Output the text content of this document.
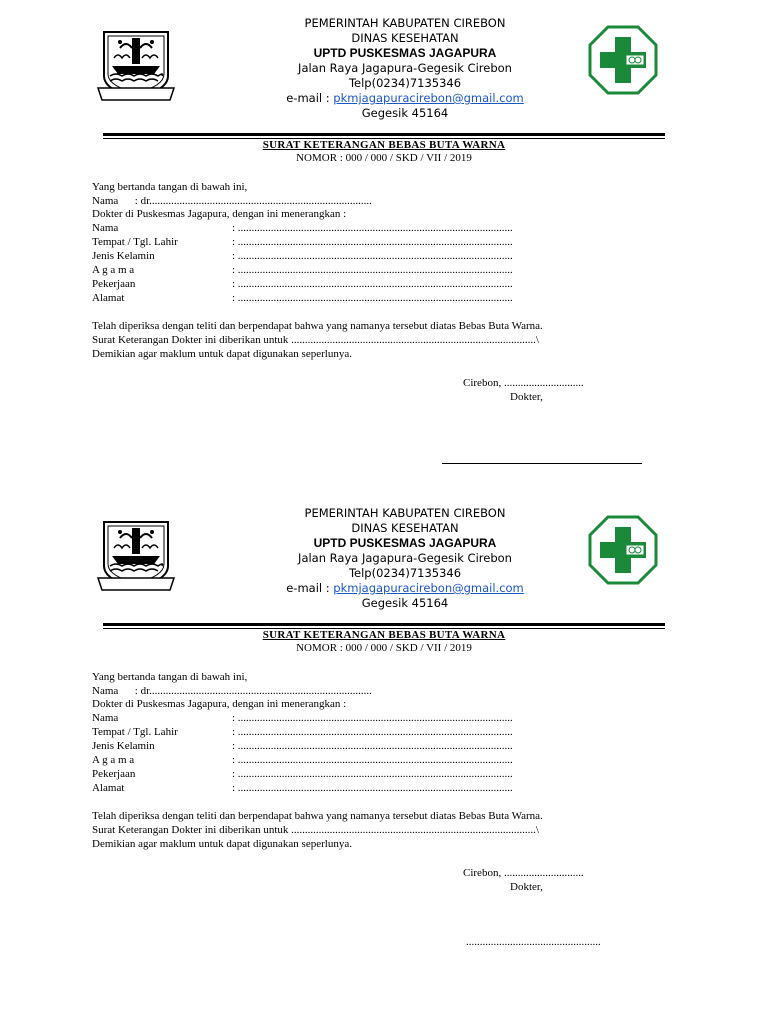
PEMERINTAH KABUPATEN CIREBON
DINAS KESEHATAN
UPTD PUSKESMAS JAGAPURA
Jalan Raya Jagapura-Gegesik Cirebon
Telp(0234)7135346
e-mail : pkmjagapuracirebon@gmail.com
Gegesik 45164
SURAT KETERANGAN BEBAS BUTA WARNA
NOMOR : 000 / 000 / SKD / VII / 2019
Yang bertanda tangan di bawah ini,
Nama      : dr.................................................................................
Dokter di Puskesmas Jagapura, dengan ini menerangkan :
Nama	: ....................................................................................................
Tempat / Tgl. Lahir	: ....................................................................................................
Jenis Kelamin	: ....................................................................................................
A g a m a	: ....................................................................................................
Pekerjaan	: ....................................................................................................
Alamat	: ....................................................................................................
Telah diperiksa dengan teliti dan berpendapat bahwa yang namanya tersebut diatas Bebas Buta Warna.
Surat Keterangan Dokter ini diberikan untuk .........................................................................................\
Demikian agar maklum untuk dapat digunakan seperlunya.
Cirebon, .............................
Dokter,
PEMERINTAH KABUPATEN CIREBON
DINAS KESEHATAN
UPTD PUSKESMAS JAGAPURA
Jalan Raya Jagapura-Gegesik Cirebon
Telp(0234)7135346
e-mail : pkmjagapuracirebon@gmail.com
Gegesik 45164
SURAT KETERANGAN BEBAS BUTA WARNA
NOMOR : 000 / 000 / SKD / VII / 2019
Yang bertanda tangan di bawah ini,
Nama      : dr.................................................................................
Dokter di Puskesmas Jagapura, dengan ini menerangkan :
Nama	: ....................................................................................................
Tempat / Tgl. Lahir	: ....................................................................................................
Jenis Kelamin	: ....................................................................................................
A g a m a	: ....................................................................................................
Pekerjaan	: ....................................................................................................
Alamat	: ....................................................................................................
Telah diperiksa dengan teliti dan berpendapat bahwa yang namanya tersebut diatas Bebas Buta Warna.
Surat Keterangan Dokter ini diberikan untuk .........................................................................................\
Demikian agar maklum untuk dapat digunakan seperlunya.
Cirebon, .............................
Dokter,
.................................................
